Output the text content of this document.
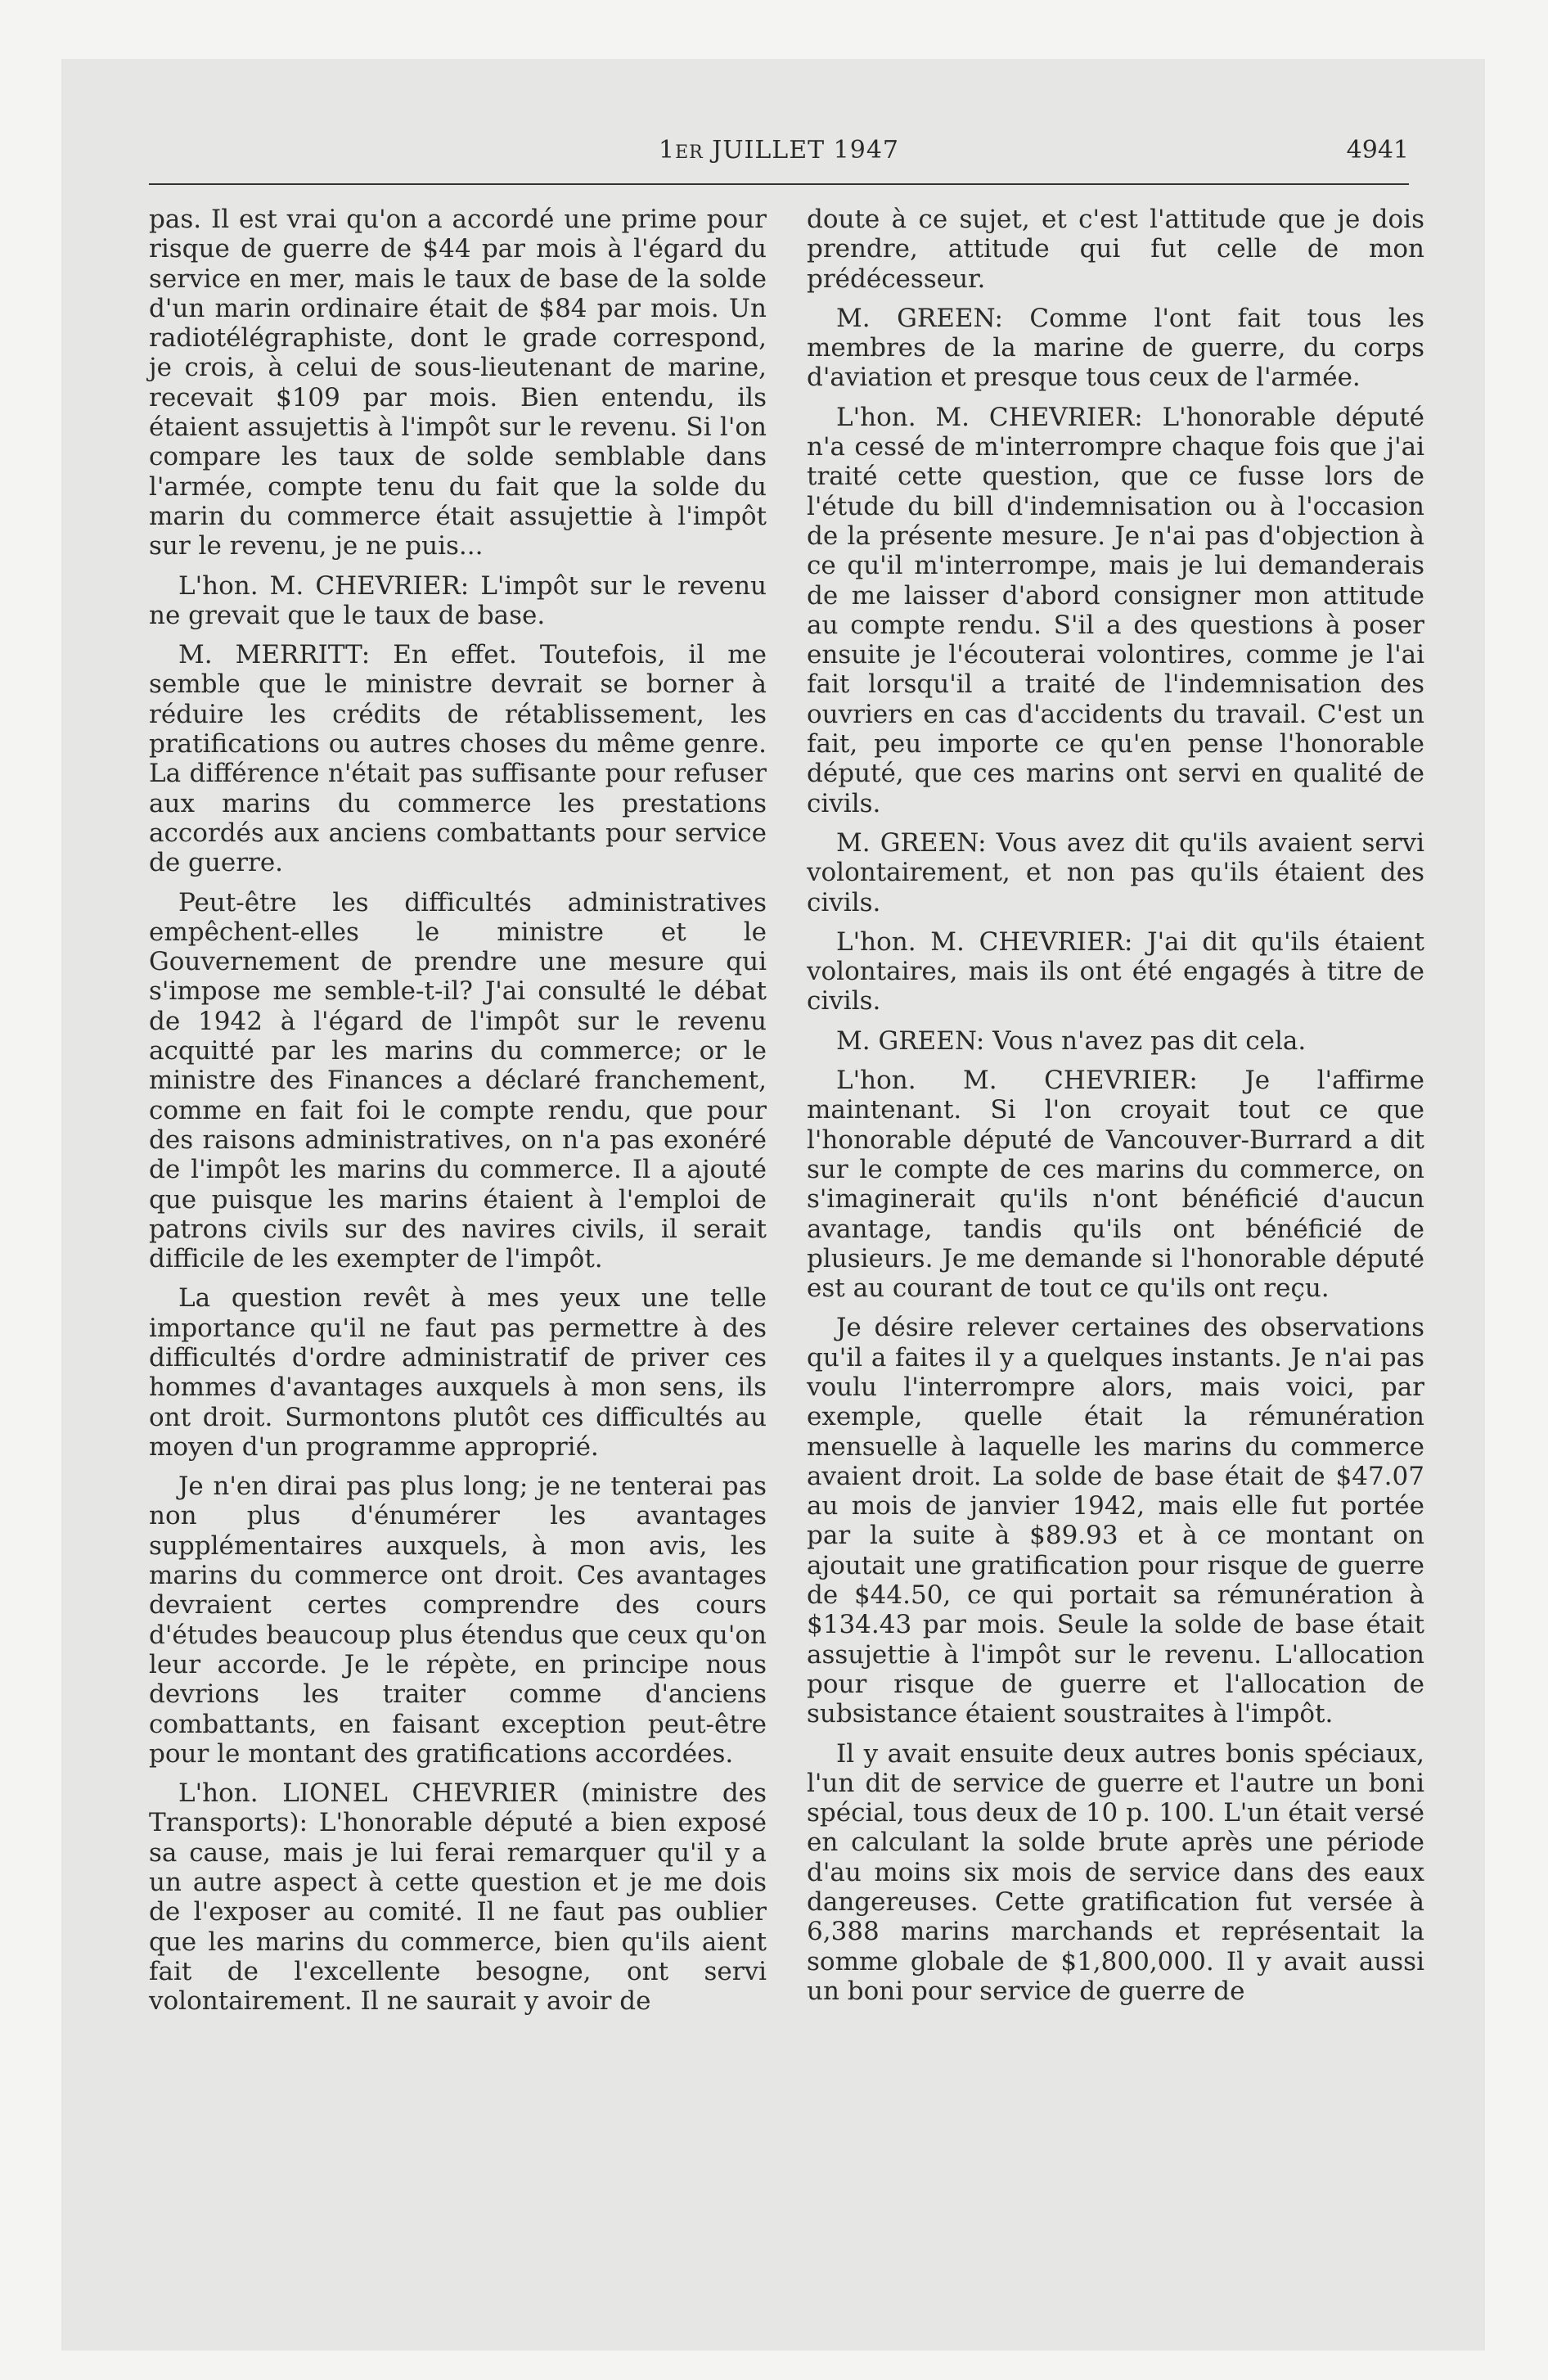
1ER JUILLET 1947	4941

pas. Il est vrai qu'on a accordé une prime pour risque de guerre de $44 par mois à l'égard du service en mer, mais le taux de base de la solde d'un marin ordinaire était de $84 par mois. Un radiotélégraphiste, dont le grade correspond, je crois, à celui de sous-lieutenant de marine, recevait $109 par mois. Bien entendu, ils étaient assujettis à l'impôt sur le revenu. Si l'on compare les taux de solde semblable dans l'armée, compte tenu du fait que la solde du marin du commerce était assujettie à l'impôt sur le revenu, je ne puis...

L'hon. M. CHEVRIER: L'impôt sur le revenu ne grevait que le taux de base.

M. MERRITT: En effet. Toutefois, il me semble que le ministre devrait se borner à réduire les crédits de rétablissement, les pratifications ou autres choses du même genre. La différence n'était pas suffisante pour refuser aux marins du commerce les prestations accordés aux anciens combattants pour service de guerre.

Peut-être les difficultés administratives empêchent-elles le ministre et le Gouvernement de prendre une mesure qui s'impose me semble-t-il? J'ai consulté le débat de 1942 à l'égard de l'impôt sur le revenu acquitté par les marins du commerce; or le ministre des Finances a déclaré franchement, comme en fait foi le compte rendu, que pour des raisons administratives, on n'a pas exonéré de l'impôt les marins du commerce. Il a ajouté que puisque les marins étaient à l'emploi de patrons civils sur des navires civils, il serait difficile de les exempter de l'impôt.

La question revêt à mes yeux une telle importance qu'il ne faut pas permettre à des difficultés d'ordre administratif de priver ces hommes d'avantages auxquels à mon sens, ils ont droit. Surmontons plutôt ces difficultés au moyen d'un programme approprié.

Je n'en dirai pas plus long; je ne tenterai pas non plus d'énumérer les avantages supplémentaires auxquels, à mon avis, les marins du commerce ont droit. Ces avantages devraient certes comprendre des cours d'études beaucoup plus étendus que ceux qu'on leur accorde. Je le répète, en principe nous devrions les traiter comme d'anciens combattants, en faisant exception peut-être pour le montant des gratifications accordées.

L'hon. LIONEL CHEVRIER (ministre des Transports): L'honorable député a bien exposé sa cause, mais je lui ferai remarquer qu'il y a un autre aspect à cette question et je me dois de l'exposer au comité. Il ne faut pas oublier que les marins du commerce, bien qu'ils aient fait de l'excellente besogne, ont servi volontairement. Il ne saurait y avoir de

doute à ce sujet, et c'est l'attitude que je dois prendre, attitude qui fut celle de mon prédécesseur.

M. GREEN: Comme l'ont fait tous les membres de la marine de guerre, du corps d'aviation et presque tous ceux de l'armée.

L'hon. M. CHEVRIER: L'honorable député n'a cessé de m'interrompre chaque fois que j'ai traité cette question, que ce fusse lors de l'étude du bill d'indemnisation ou à l'occasion de la présente mesure. Je n'ai pas d'objection à ce qu'il m'interrompe, mais je lui demanderais de me laisser d'abord consigner mon attitude au compte rendu. S'il a des questions à poser ensuite je l'écouterai volontires, comme je l'ai fait lorsqu'il a traité de l'indemnisation des ouvriers en cas d'accidents du travail. C'est un fait, peu importe ce qu'en pense l'honorable député, que ces marins ont servi en qualité de civils.

M. GREEN: Vous avez dit qu'ils avaient servi volontairement, et non pas qu'ils étaient des civils.

L'hon. M. CHEVRIER: J'ai dit qu'ils étaient volontaires, mais ils ont été engagés à titre de civils.

M. GREEN: Vous n'avez pas dit cela.

L'hon. M. CHEVRIER: Je l'affirme maintenant. Si l'on croyait tout ce que l'honorable député de Vancouver-Burrard a dit sur le compte de ces marins du commerce, on s'imaginerait qu'ils n'ont bénéficié d'aucun avantage, tandis qu'ils ont bénéficié de plusieurs. Je me demande si l'honorable député est au courant de tout ce qu'ils ont reçu.

Je désire relever certaines des observations qu'il a faites il y a quelques instants. Je n'ai pas voulu l'interrompre alors, mais voici, par exemple, quelle était la rémunération mensuelle à laquelle les marins du commerce avaient droit. La solde de base était de $47.07 au mois de janvier 1942, mais elle fut portée par la suite à $89.93 et à ce montant on ajoutait une gratification pour risque de guerre de $44.50, ce qui portait sa rémunération à $134.43 par mois. Seule la solde de base était assujettie à l'impôt sur le revenu. L'allocation pour risque de guerre et l'allocation de subsistance étaient soustraites à l'impôt.

Il y avait ensuite deux autres bonis spéciaux, l'un dit de service de guerre et l'autre un boni spécial, tous deux de 10 p. 100. L'un était versé en calculant la solde brute après une période d'au moins six mois de service dans des eaux dangereuses. Cette gratification fut versée à 6,388 marins marchands et représentait la somme globale de $1,800,000. Il y avait aussi un boni pour service de guerre de
